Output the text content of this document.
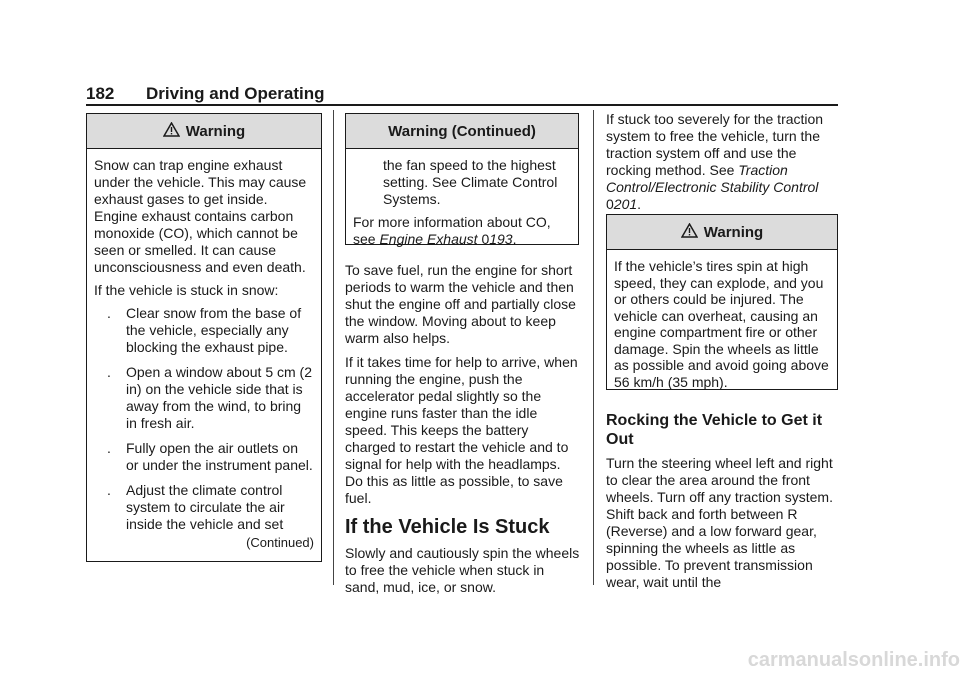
182 Driving and Operating
Warning

Snow can trap engine exhaust under the vehicle. This may cause exhaust gases to get inside. Engine exhaust contains carbon monoxide (CO), which cannot be seen or smelled. It can cause unconsciousness and even death.

If the vehicle is stuck in snow:

. Clear snow from the base of the vehicle, especially any blocking the exhaust pipe.
. Open a window about 5 cm (2 in) on the vehicle side that is away from the wind, to bring in fresh air.
. Fully open the air outlets on or under the instrument panel.
. Adjust the climate control system to circulate the air inside the vehicle and set
(Continued)
Warning (Continued)

the fan speed to the highest setting. See Climate Control Systems.

For more information about CO, see Engine Exhaust 0193.

To save fuel, run the engine for short periods to warm the vehicle and then shut the engine off and partially close the window. Moving about to keep warm also helps.

If it takes time for help to arrive, when running the engine, push the accelerator pedal slightly so the engine runs faster than the idle speed. This keeps the battery charged to restart the vehicle and to signal for help with the headlamps. Do this as little as possible, to save fuel.

If the Vehicle Is Stuck

Slowly and cautiously spin the wheels to free the vehicle when stuck in sand, mud, ice, or snow.

If stuck too severely for the traction system to free the vehicle, turn the traction system off and use the rocking method. See Traction Control/Electronic Stability Control 0201.

Warning

If the vehicle’s tires spin at high speed, they can explode, and you or others could be injured. The vehicle can overheat, causing an engine compartment fire or other damage. Spin the wheels as little as possible and avoid going above 56 km/h (35 mph).

Rocking the Vehicle to Get it Out

Turn the steering wheel left and right to clear the area around the front wheels. Turn off any traction system. Shift back and forth between R (Reverse) and a low forward gear, spinning the wheels as little as possible. To prevent transmission wear, wait until the

carmanualsonline.info
